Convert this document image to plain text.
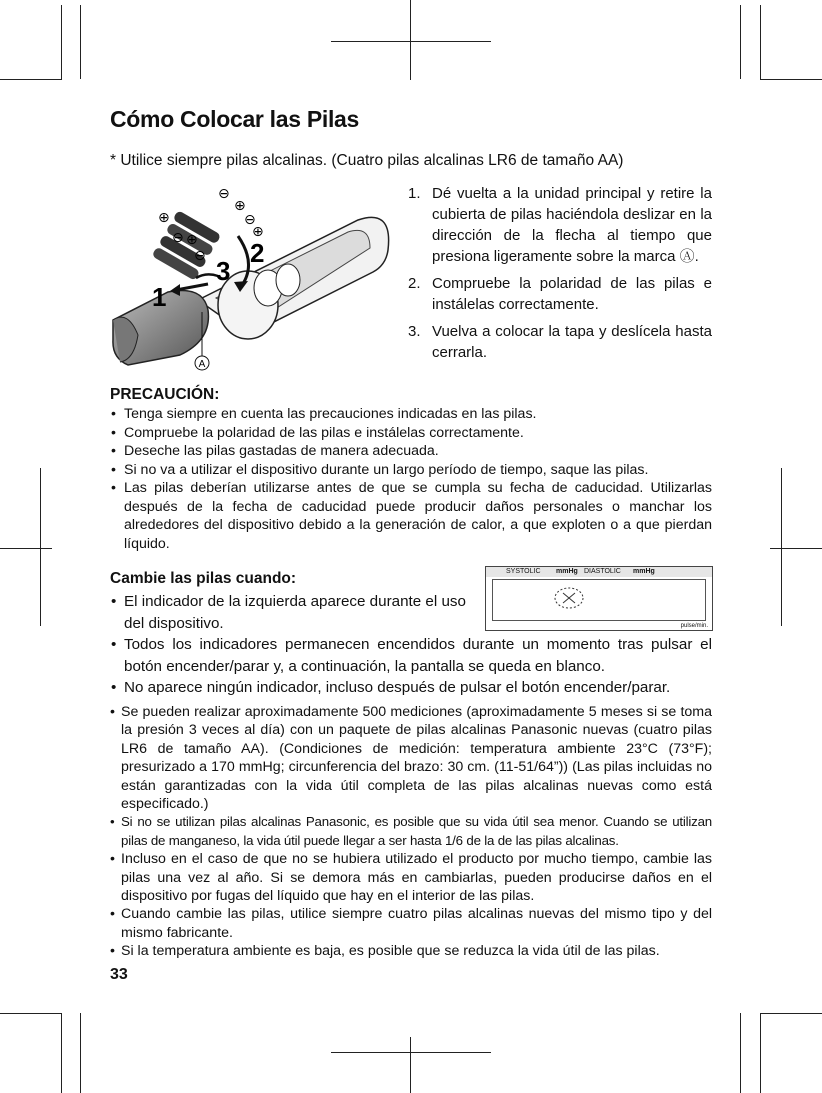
Cómo Colocar las Pilas
* Utilice siempre pilas alcalinas. (Cuatro pilas alcalinas LR6 de tamaño AA)
1
2
3
⊖
⊕
⊖
⊕
⊕
⊖ ⊕
⊖
A
1. Dé vuelta a la unidad principal y retire la cubierta de pilas haciéndola deslizar en la dirección de la flecha al tiempo que presiona ligeramente sobre la marca Ⓐ.
2. Compruebe la polaridad de las pilas e instálelas correctamente.
3. Vuelva a colocar la tapa y deslícela hasta cerrarla.
PRECAUCIÓN:
• Tenga siempre en cuenta las precauciones indicadas en las pilas.
• Compruebe la polaridad de las pilas e instálelas correctamente.
• Deseche las pilas gastadas de manera adecuada.
• Si no va a utilizar el dispositivo durante un largo período de tiempo, saque las pilas.
• Las pilas deberían utilizarse antes de que se cumpla su fecha de caducidad. Utilizarlas después de la fecha de caducidad puede producir daños personales o manchar los alrededores del dispositivo debido a la generación de calor, a que exploten o a que pierdan líquido.
Cambie las pilas cuando:
• El indicador de la izquierda aparece durante el uso del dispositivo.
• Todos los indicadores permanecen encendidos durante un momento tras pulsar el botón encender/parar y, a continuación, la pantalla se queda en blanco.
• No aparece ningún indicador, incluso después de pulsar el botón encender/parar.
SYSTOLIC mmHg DIASTOLIC mmHg
pulse/min.
• Se pueden realizar aproximadamente 500 mediciones (aproximadamente 5 meses si se toma la presión 3 veces al día) con un paquete de pilas alcalinas Panasonic nuevas (cuatro pilas LR6 de tamaño AA). (Condiciones de medición: temperatura ambiente 23°C (73°F); presurizado a 170 mmHg; circunferencia del brazo: 30 cm. (11-51/64”)) (Las pilas incluidas no están garantizadas con la vida útil completa de las pilas alcalinas nuevas como está especificado.)
• Si no se utilizan pilas alcalinas Panasonic, es posible que su vida útil sea menor. Cuando se utilizan pilas de manganeso, la vida útil puede llegar a ser hasta 1/6 de la de las pilas alcalinas.
• Incluso en el caso de que no se hubiera utilizado el producto por mucho tiempo, cambie las pilas una vez al año. Si se demora más en cambiarlas, pueden producirse daños en el dispositivo por fugas del líquido que hay en el interior de las pilas.
• Cuando cambie las pilas, utilice siempre cuatro pilas alcalinas nuevas del mismo tipo y del mismo fabricante.
• Si la temperatura ambiente es baja, es posible que se reduzca la vida útil de las pilas.
33
